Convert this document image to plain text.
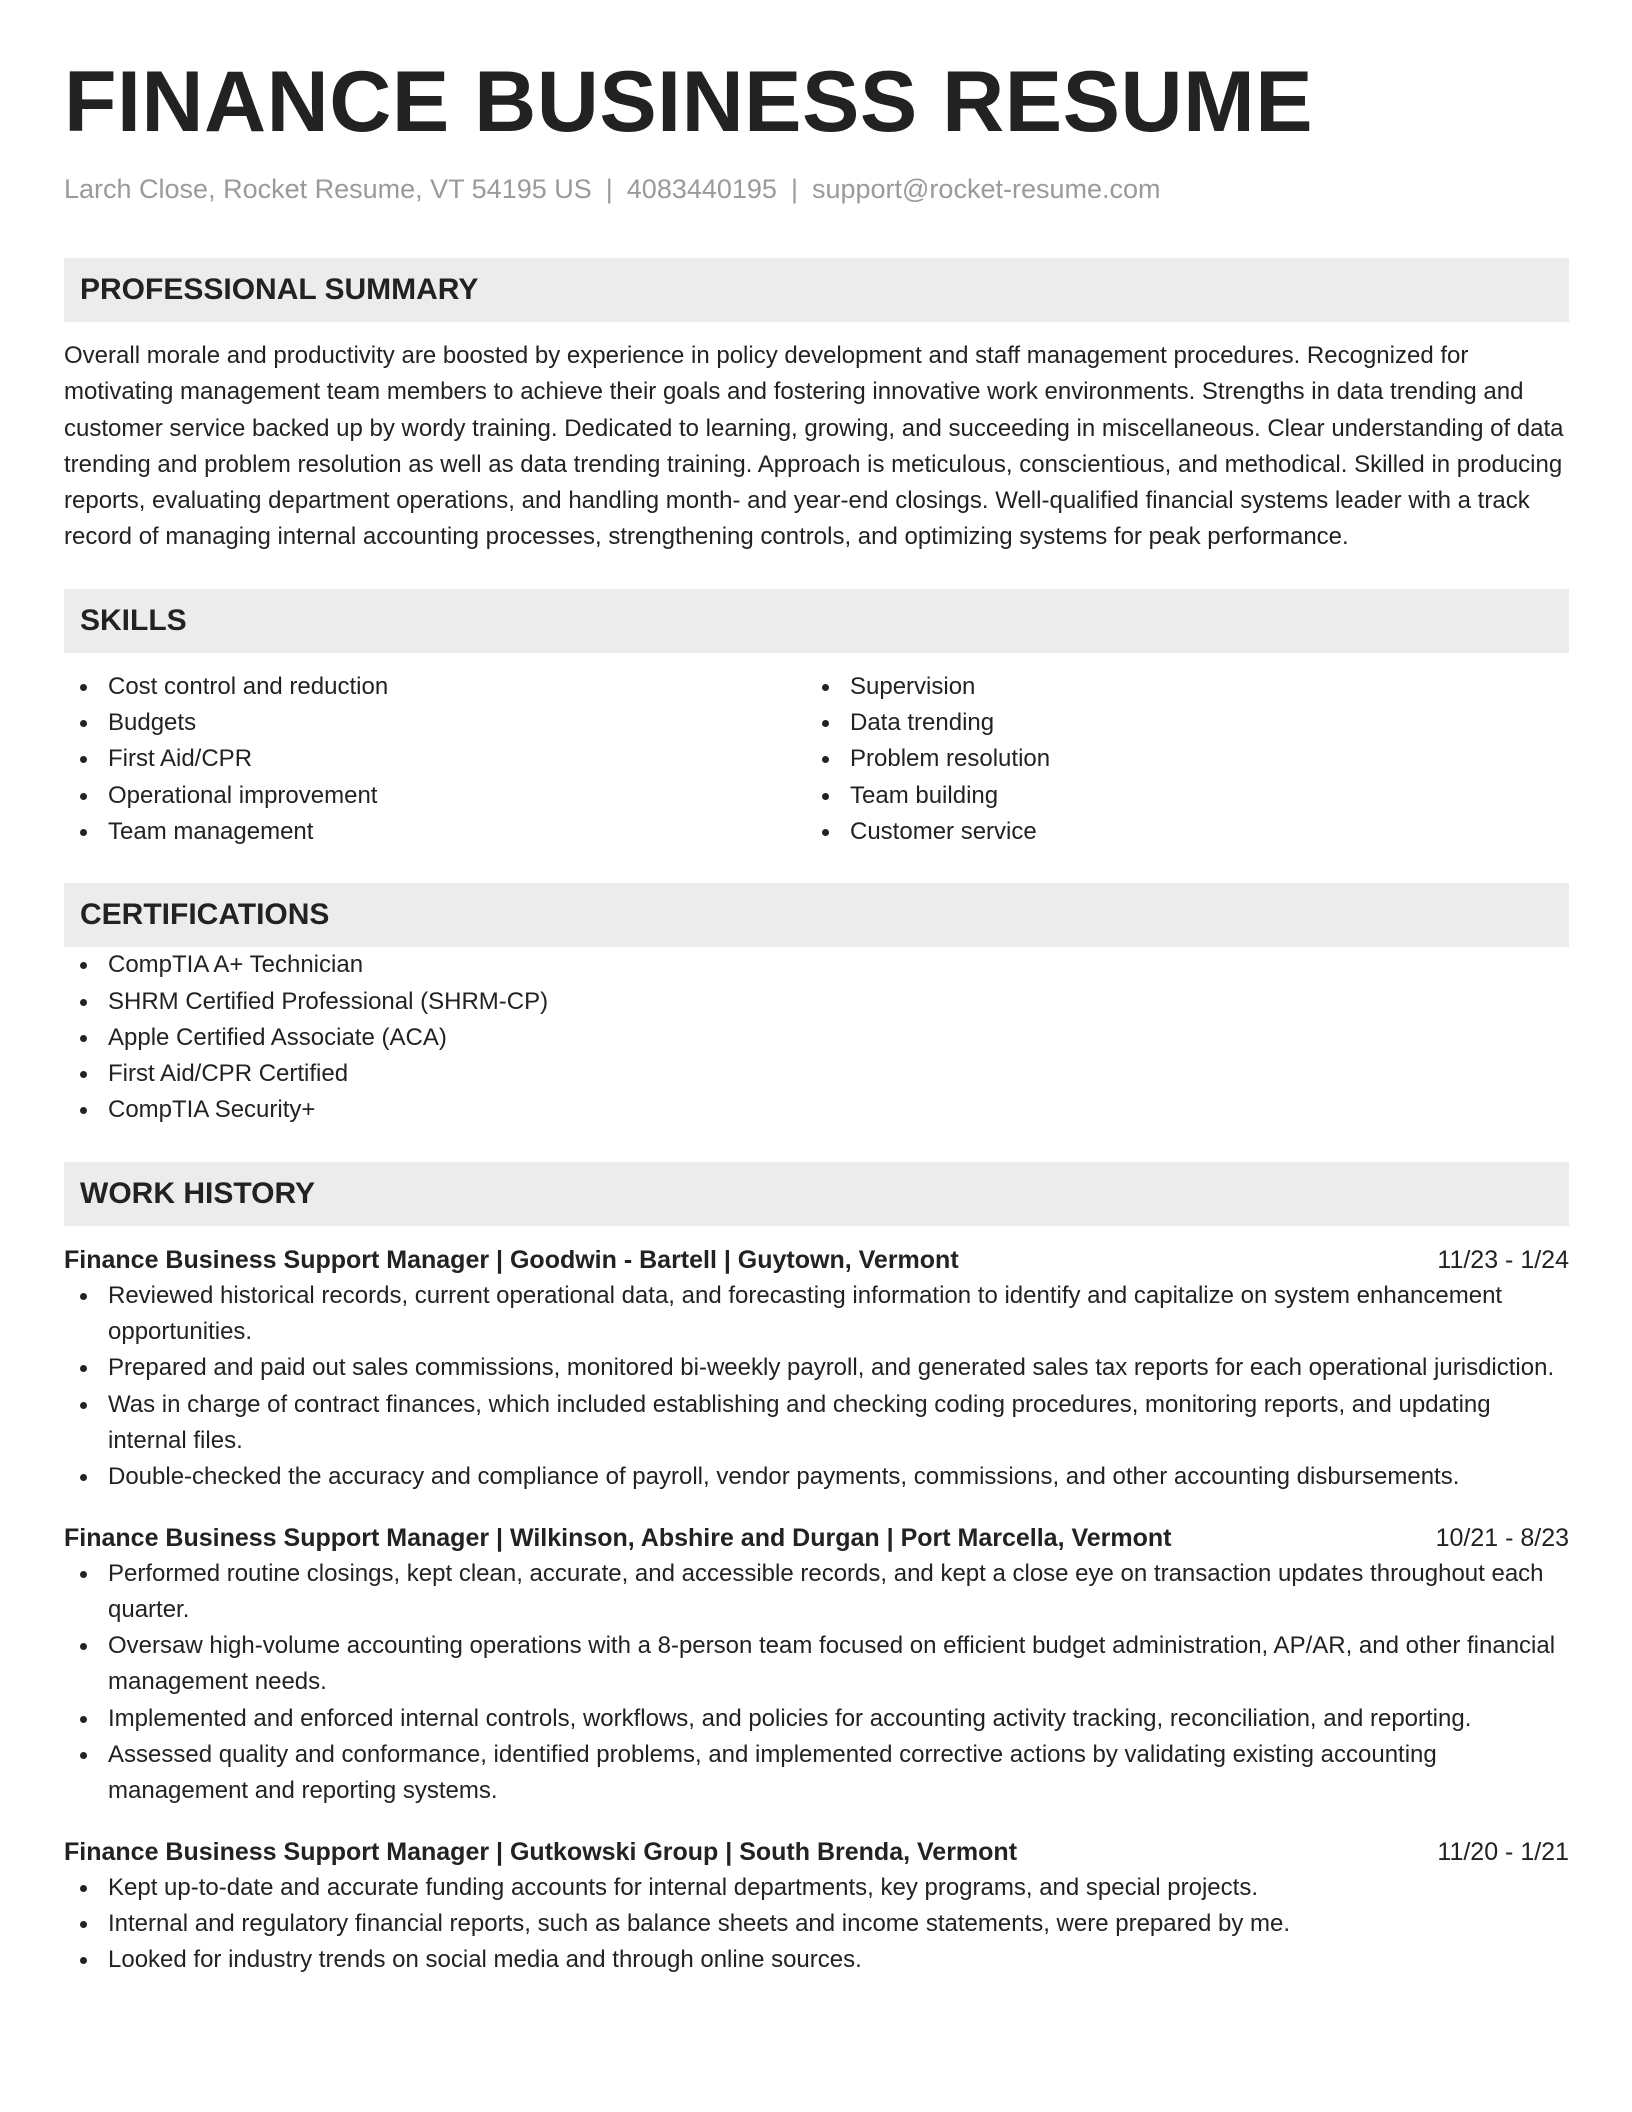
FINANCE BUSINESS RESUME
Larch Close, Rocket Resume, VT 54195 US | 4083440195 | support@rocket-resume.com
PROFESSIONAL SUMMARY

Overall morale and productivity are boosted by experience in policy development and staff management procedures. Recognized for motivating management team members to achieve their goals and fostering innovative work environments. Strengths in data trending and customer service backed up by wordy training. Dedicated to learning, growing, and succeeding in miscellaneous. Clear understanding of data trending and problem resolution as well as data trending training. Approach is meticulous, conscientious, and methodical. Skilled in producing reports, evaluating department operations, and handling month- and year-end closings. Well-qualified financial systems leader with a track record of managing internal accounting processes, strengthening controls, and optimizing systems for peak performance.

SKILLS
Cost control and reduction
Budgets
First Aid/CPR
Operational improvement
Team management
Supervision
Data trending
Problem resolution
Team building
Customer service
CERTIFICATIONS
CompTIA A+ Technician
SHRM Certified Professional (SHRM-CP)
Apple Certified Associate (ACA)
First Aid/CPR Certified
CompTIA Security+
WORK HISTORY
Finance Business Support Manager | Goodwin - Bartell | Guytown, Vermont	11/23 - 1/24
Reviewed historical records, current operational data, and forecasting information to identify and capitalize on system enhancement opportunities.
Prepared and paid out sales commissions, monitored bi-weekly payroll, and generated sales tax reports for each operational jurisdiction.
Was in charge of contract finances, which included establishing and checking coding procedures, monitoring reports, and updating internal files.
Double-checked the accuracy and compliance of payroll, vendor payments, commissions, and other accounting disbursements.
Finance Business Support Manager | Wilkinson, Abshire and Durgan | Port Marcella, Vermont	10/21 - 8/23
Performed routine closings, kept clean, accurate, and accessible records, and kept a close eye on transaction updates throughout each quarter.
Oversaw high-volume accounting operations with a 8-person team focused on efficient budget administration, AP/AR, and other financial management needs.
Implemented and enforced internal controls, workflows, and policies for accounting activity tracking, reconciliation, and reporting.
Assessed quality and conformance, identified problems, and implemented corrective actions by validating existing accounting management and reporting systems.
Finance Business Support Manager | Gutkowski Group | South Brenda, Vermont	11/20 - 1/21
Kept up-to-date and accurate funding accounts for internal departments, key programs, and special projects.
Internal and regulatory financial reports, such as balance sheets and income statements, were prepared by me.
Looked for industry trends on social media and through online sources.
